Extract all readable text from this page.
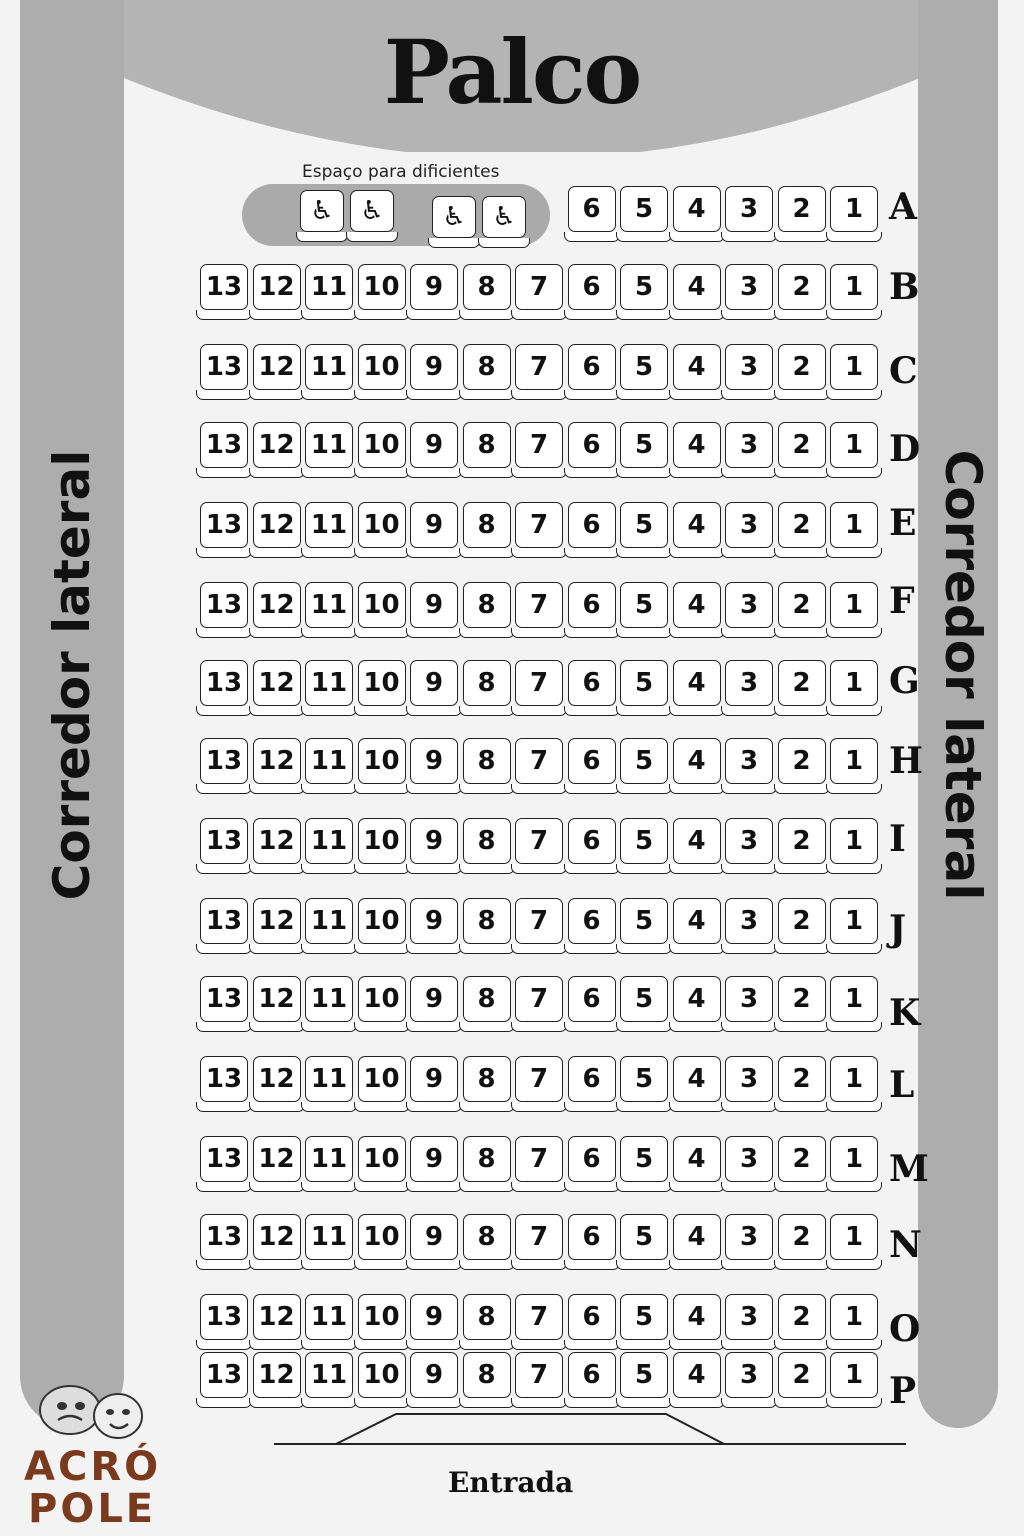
Palco
Corredor lateral	Corredor lateral
Espaço para dificientes
6	5	4	3	2	1 A
13 12 11 10 9	8	7	6	5	4	3	2	1 B
13 12 11 10 9	8	7	6	5	4	3	2	1 C
13 12 11 10 9	8	7	6	5	4	3	2	1 D
13 12 11 10 9	8	7	6	5	4	3	2	1 E
13 12 11 10 9	8	7	6	5	4	3	2	1 F
13 12 11 10 9	8	7	6	5	4	3	2	1 G
13 12 11 10 9	8	7	6	5	4	3	2	1 H
13 12 11 10 9	8	7	6	5	4	3	2	1 I
13 12 11 10 9	8	7	6	5	4	3	2	1 J
13 12 11 10 9	8	7	6	5	4	3	2	1 K
13 12 11 10 9	8	7	6	5	4	3	2	1 L
13 12 11 10 9	8	7	6	5	4	3	2	1 M
13 12 11 10 9	8	7	6	5	4	3	2	1 N
13 12 11 10 9	8	7	6	5	4	3	2	1 O
13 12 11 10 9	8	7	6	5	4	3	2	1 P
♿	♿	♿	♿
Entrada
ACRÓ
POLE
